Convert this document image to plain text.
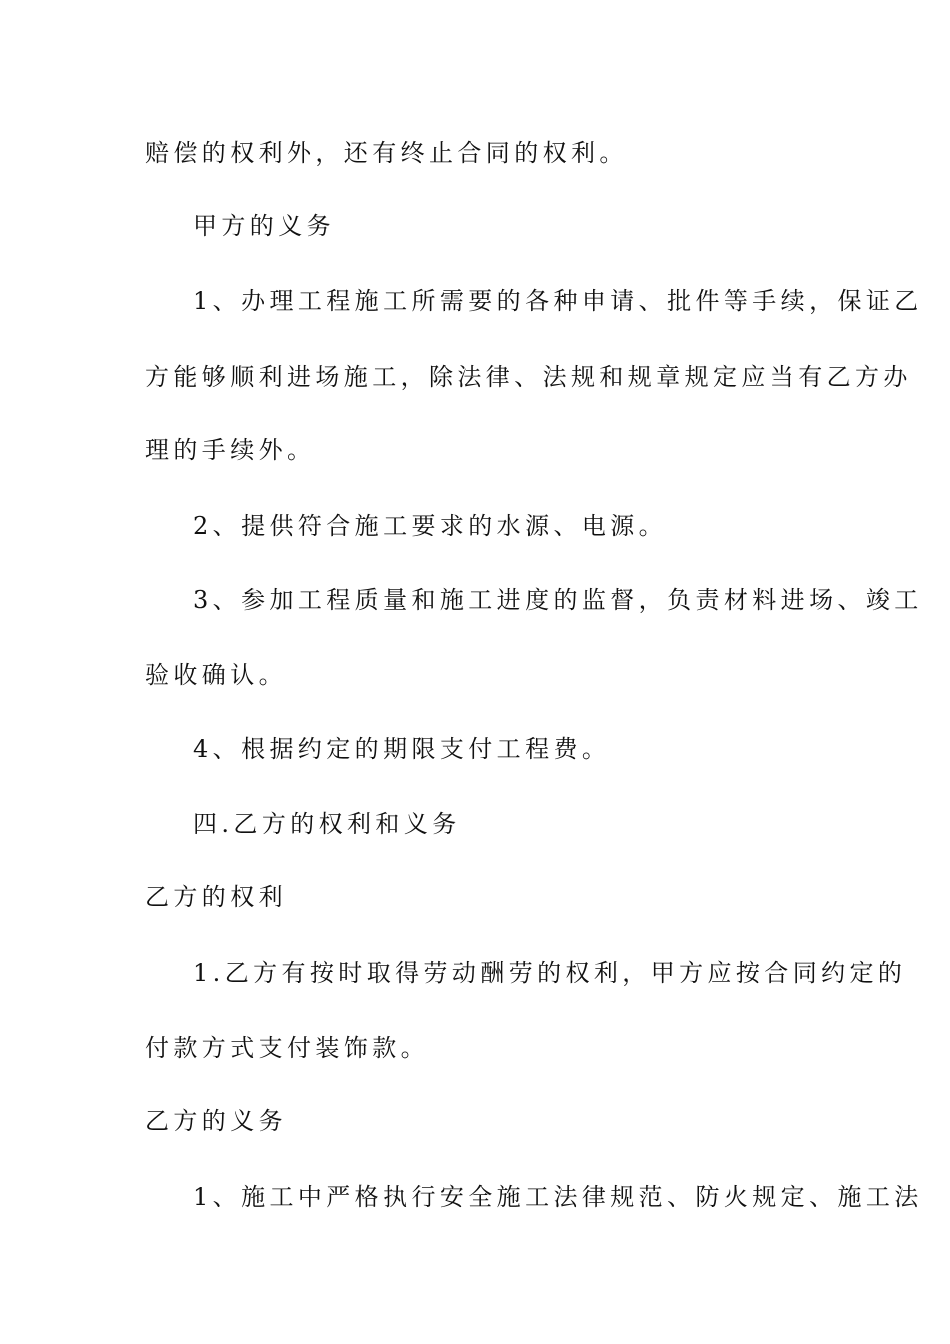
赔偿的权利外，还有终止合同的权利。
甲方的义务
1、办理工程施工所需要的各种申请、批件等手续，保证乙
方能够顺利进场施工，除法律、法规和规章规定应当有乙方办
理的手续外。
2、提供符合施工要求的水源、电源。
3、参加工程质量和施工进度的监督，负责材料进场、竣工
验收确认。
4、根据约定的期限支付工程费。
四.乙方的权利和义务
乙方的权利
1.乙方有按时取得劳动酬劳的权利，甲方应按合同约定的
付款方式支付装饰款。
乙方的义务
1、施工中严格执行安全施工法律规范、防火规定、施工法
